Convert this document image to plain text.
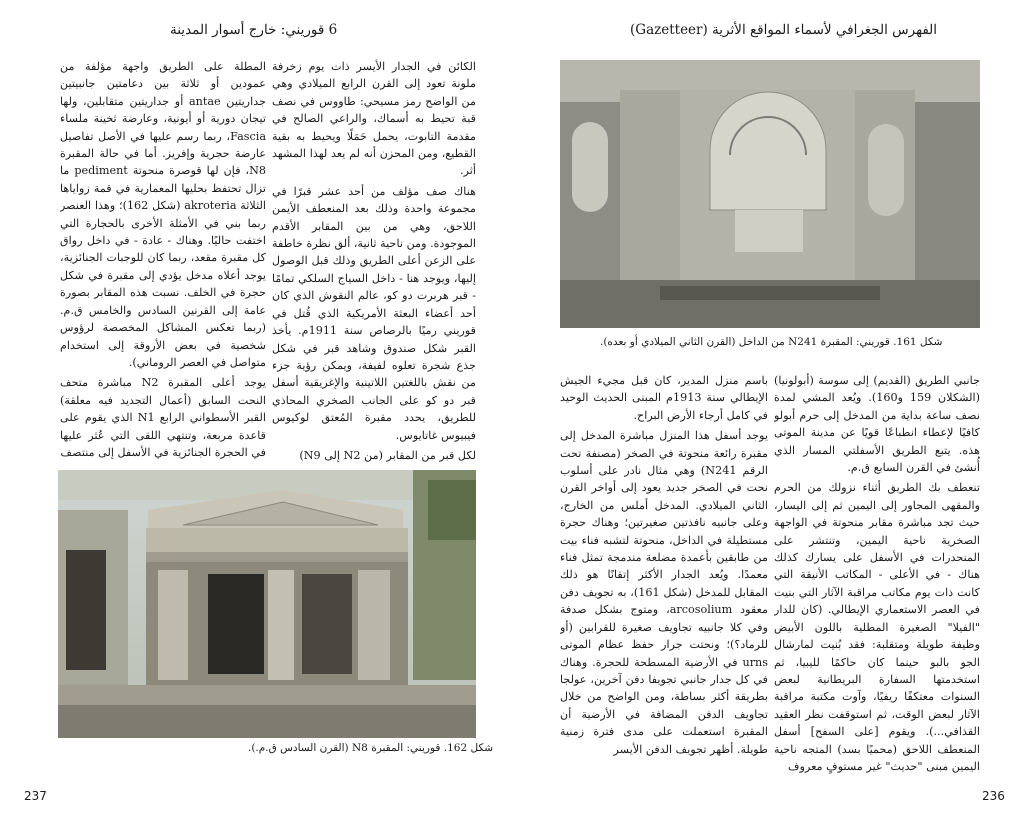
6 قوريني: خارج أسوار المدينة

المطلة على الطريق واجهة مؤلفة من عمودين أو ثلاثة بين دعامتين جانبيتين جداريتين antae أو جداريتين متقابلين، ولها تيجان دورية أو أيونية، وعارضة ثخينة ملساء Fascia، ربما رسم عليها في الأصل تفاصيل عارضة حجرية وإفريز. أما في حالة المقبرة N8، فإن لها قوصرة منحوتة pediment ما تزال تحتفظ بحليها المعمارية في قمة زواياها الثلاثة akroteria (شكل 162)؛ وهذا العنصر ربما بني في الأمثلة الأخرى بالحجارة التي اختفت حاليًا. وهناك - عادة - في داخل رواق كل مقبرة مقعد، ربما كان للوجبات الجنائزية، يوجد أعلاه مدخل يؤدي إلى مقبرة في شكل حجرة في الخلف. نسبت هذه المقابر بصورة عامة إلى القرنين السادس والخامس ق.م. (ربما تعكس المشاكل المخصصة لرؤوس شخصية في بعض الأروقة إلى استخدام متواصل في العصر الروماني).

يوجد أعلى المقبرة N2 مباشرة متحف النحت السابق (أعمال التجديد فيه معلقة) القبر الأسطواني الرابع N1 الذي يقوم على قاعدة مربعة، وتنتهي اللقى التي عُثر عليها في الحجرة الجنائزية في الأسفل إلى منتصف

الكائن في الجدار الأيسر ذات يوم زخرفة ملونة تعود إلى القرن الرابع الميلادي وهي من الواضح رمز مسيحي: طاووس في نصف قبة تحيط به أسماك، والراعي الصالح في مقدمة التابوت، يحمل حَمَلًا ويحيط به بقية القطيع، ومن المحزن أنه لم يعد لهذا المشهد أثر.

هناك صف مؤلف من أحد عشر قبرًا في مجموعة واحدة وذلك بعد المنعطف الأيمن اللاحق، وهي من بين المقابر الأقدم الموجودة. ومن ناحية ثانية، ألق نظرة خاطفة على الزعن أعلى الطريق وذلك قبل الوصول إليها، ويوجد هنا - داخل السياج السلكي تمامًا - قبر هربرت دو كو، عالم النقوش الذي كان أحد أعضاء البعثة الأمريكية الذي قُتل في قوريني رميًا بالرصاص سنة 1911م. يأخذ القبر شكل صندوق وشاهد قبر في شكل جذع شجرة تعلوه لفيفة، ويمكن رؤية جزء من نقش باللغتين اللاتينية والإغريقية أسفل قبر دو كو على الجانب الصخري المحاذي للطريق، يحدد مقبرة المُعتق لوكيوس فيبيوس غاتايوس.

لكل قبر من المقابر (من N2 إلى N9)

شكل 162. قوريني: المقبرة N8 (القرن السادس ق.م.).
237
الفهرس الجغرافي لأسماء المواقع الأثرية (Gazetteer)
شكل 161. قوريني: المقبرة N241 من الداخل (القرن الثاني الميلادي أو بعده).

باسم منزل المدير، كان قبل مجيء الجيش الإيطالي سنة 1913م المبنى الحديث الوحيد في كامل أرجاء الأرض البراح.

يوجد أسفل هذا المنزل مباشرة المدخل إلى مقبرة رائعة منحوتة في الصخر (مصنفة تحت الرقم N241) وهي مثال نادر على أسلوب نحت في الصخر جديد يعود إلى أواخر القرن الثاني الميلادي. المدخل أملس من الخارج، وعلى جانبيه نافذتين صغيرتين؛ وهناك حجرة مستطيلة في الداخل، منحوتة لتشبه فناء بيت من طابقين بأعمدة مضلعة مندمجة تمثل فناء معمدًا. ويُعد الجدار الأكثر إتقانًا هو ذلك المقابل للمدخل (شكل 161)، به تجويف دفن معقود arcosolium، ومتوج بشكل صدفة وفي كلا جانبيه تجاويف صغيرة للقرابين (أو للرماد؟)؛ ونحتت جرار حفظ عظام الموتى urns في الأرضية المسطحة للحجرة. وهناك في كل جدار جانبي تجويفا دفن آخرين، عولجا بطريقة أكثر بساطة، ومن الواضح من خلال تجاويف الدفن المضافة في الأرضية أن المقبرة استعملت على مدى فترة زمنية طويلة. أظهر تجويف الدفن الأيسر

جانبي الطريق (القديم) إلى سوسة (أبولونيا) (الشكلان 159 و160). ويُعد المشي لمدة نصف ساعة بداية من المدخل إلى حرم أبولو كافيًا لإعطاء انطباعًا قويًا عن مدينة الموتى هذه. يتبع الطريق الأسفلتي المسار الذي أُنشئ في القرن السابع ق.م.

تنعطف بك الطريق أثناء نزولك من الحرم والمقهى المجاور إلى اليمين ثم إلى اليسار، حيث تجد مباشرة مقابر منحوتة في الواجهة الصخرية ناحية اليمين، وتنتشر على المنحدرات في الأسفل على يسارك كذلك هناك - في الأعلى - المكاتب الأنيقة التي كانت ذات يوم مكاتب مراقبة الآثار التي بنيت في العصر الاستعماري الإيطالي. (كان للدار "الفيلا" الصغيرة المطلية باللون الأبيض وظيفة طويلة ومتقلبة: فقد بُنيت لمارشال الجو بالبو حينما كان حاكمًا لليبيا، ثم استخدمتها السفارة البريطانية لبعض السنوات معتكفًا ريفيًا، وآوت مكتبة مراقبة الآثار لبعض الوقت، ثم استوقفت نظر العقيد القذافي...). ويقوم [على السفح] أسفل المنعطف اللاحق (محميًا بسد) المتجه ناحية اليمين مبنى "حديث" غير مستوفٍ معروف

236
